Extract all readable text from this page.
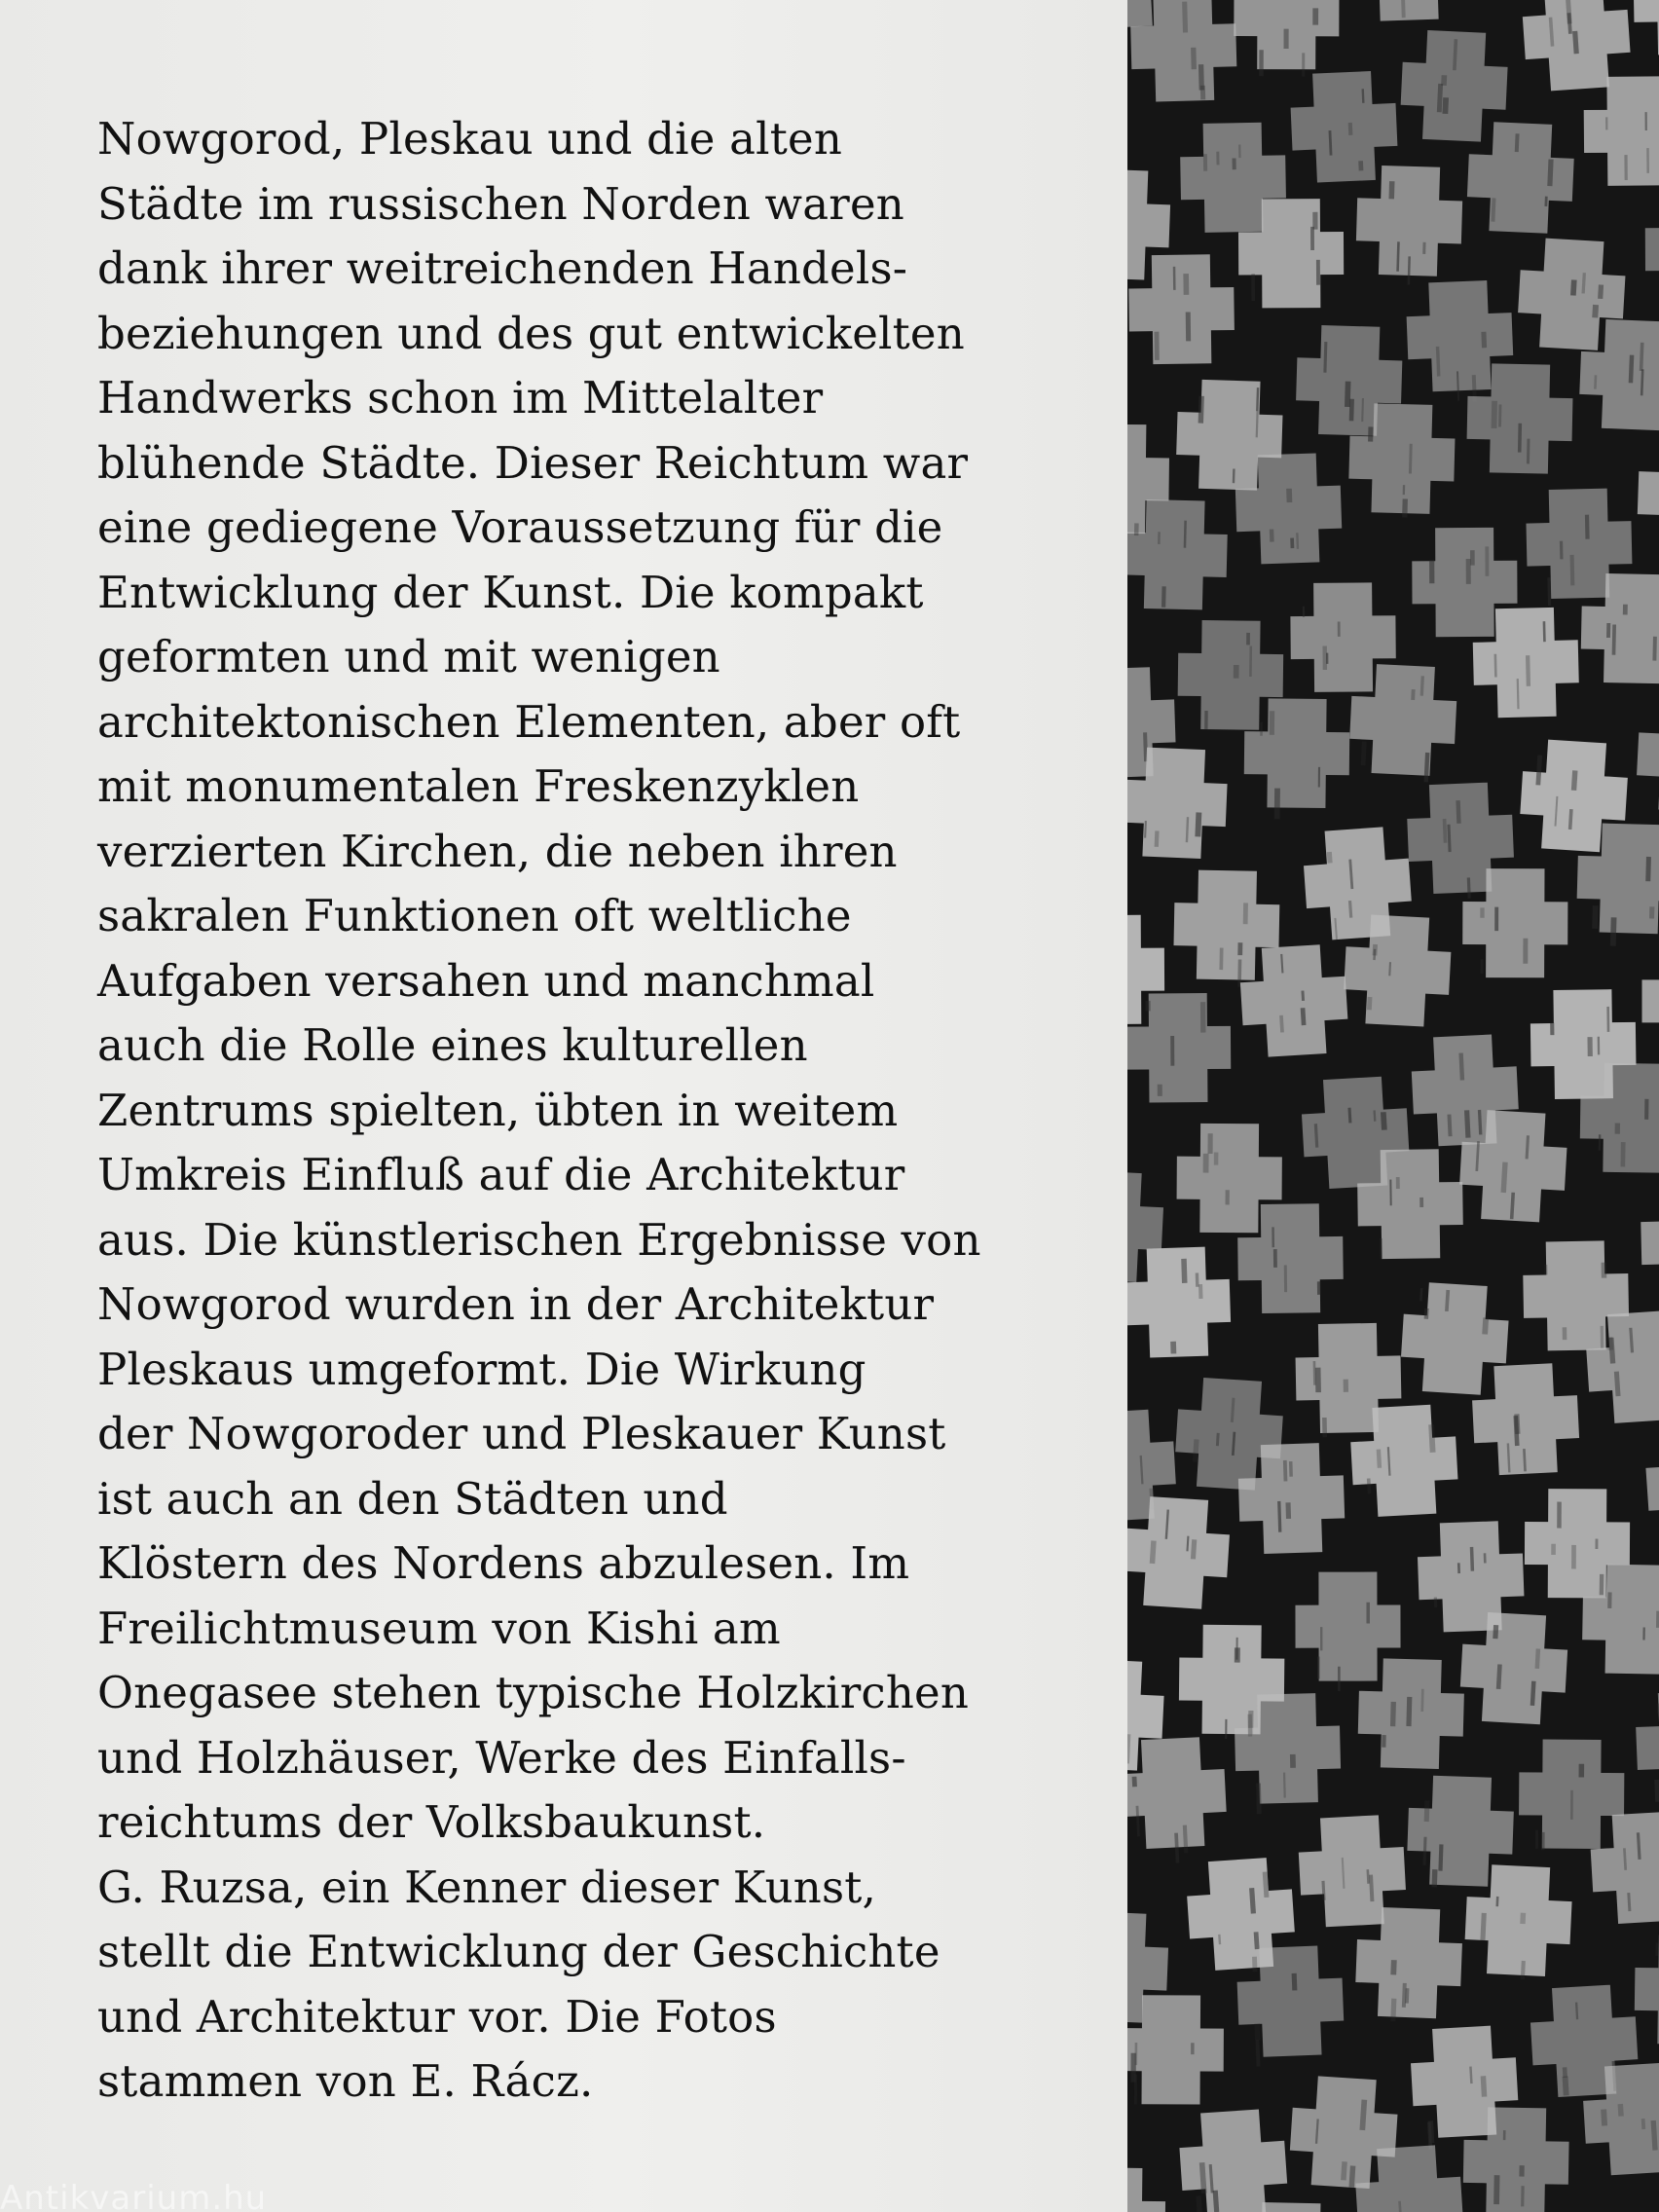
Nowgorod, Pleskau und die alten
Städte im russischen Norden waren
dank ihrer weitreichenden Handels-
beziehungen und des gut entwickelten
Handwerks schon im Mittelalter
blühende Städte. Dieser Reichtum war
eine gediegene Voraussetzung für die
Entwicklung der Kunst. Die kompakt
geformten und mit wenigen
architektonischen Elementen, aber oft
mit monumentalen Freskenzyklen
verzierten Kirchen, die neben ihren
sakralen Funktionen oft weltliche
Aufgaben versahen und manchmal
auch die Rolle eines kulturellen
Zentrums spielten, übten in weitem
Umkreis Einfluß auf die Architektur
aus. Die künstlerischen Ergebnisse von
Nowgorod wurden in der Architektur
Pleskaus umgeformt. Die Wirkung
der Nowgoroder und Pleskauer Kunst
ist auch an den Städten und
Klöstern des Nordens abzulesen. Im
Freilichtmuseum von Kishi am
Onegasee stehen typische Holzkirchen
und Holzhäuser, Werke des Einfalls-
reichtums der Volksbaukunst.
G. Ruzsa, ein Kenner dieser Kunst,
stellt die Entwicklung der Geschichte
und Architektur vor. Die Fotos
stammen von E. Rácz.

Antikvarium.hu
